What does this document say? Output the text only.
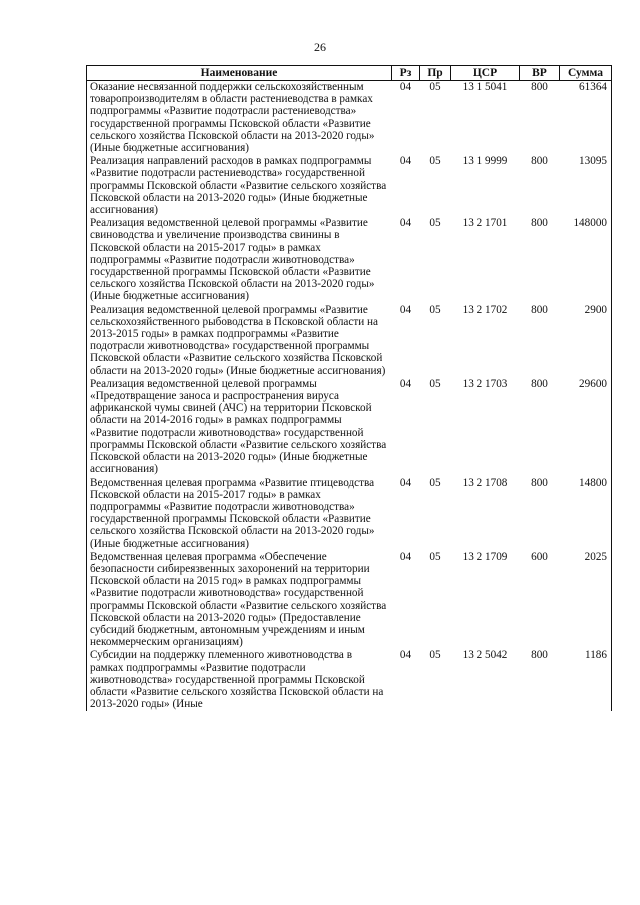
26
Наименование	Рз	Пр	ЦСР	ВР	Сумма
Оказание несвязанной поддержки сельскохозяйственным товаропроизводителям в области растениеводства в рамках подпрограммы «Развитие подотрасли растениеводства» государственной программы Псковской области «Развитие сельского хозяйства Псковской области на 2013-2020 годы» (Иные бюджетные ассигнования)	04	05	13 1 5041	800	61364
Реализация направлений расходов в рамках подпрограммы «Развитие подотрасли растениеводства» государственной программы Псковской области «Развитие сельского хозяйства Псковской области на 2013-2020 годы» (Иные бюджетные ассигнования)	04	05	13 1 9999	800	13095
Реализация ведомственной целевой программы «Развитие свиноводства и увеличение производства свинины в Псковской области на 2015-2017 годы» в рамках подпрограммы «Развитие подотрасли животноводства» государственной программы Псковской области «Развитие сельского хозяйства Псковской области на 2013-2020 годы» (Иные бюджетные ассигнования)	04	05	13 2 1701	800	148000
Реализация ведомственной целевой программы «Развитие сельскохозяйственного рыбоводства в Псковской области на 2013-2015 годы» в рамках подпрограммы «Развитие подотрасли животноводства» государственной программы Псковской области «Развитие сельского хозяйства Псковской области на 2013-2020 годы» (Иные бюджетные ассигнования)	04	05	13 2 1702	800	2900
Реализация ведомственной целевой программы «Предотвращение заноса и распространения вируса африканской чумы свиней (АЧС) на территории Псковской области на 2014-2016 годы» в рамках подпрограммы «Развитие подотрасли животноводства» государственной программы Псковской области «Развитие сельского хозяйства Псковской области на 2013-2020 годы» (Иные бюджетные ассигнования)	04	05	13 2 1703	800	29600
Ведомственная целевая программа «Развитие птицеводства Псковской области на 2015-2017 годы» в рамках подпрограммы «Развитие подотрасли животноводства» государственной программы Псковской области «Развитие сельского хозяйства Псковской области на 2013-2020 годы» (Иные бюджетные ассигнования)	04	05	13 2 1708	800	14800
Ведомственная целевая программа «Обеспечение безопасности сибиреязвенных захоронений на территории Псковской области на 2015 год» в рамках подпрограммы «Развитие подотрасли животноводства» государственной программы Псковской области «Развитие сельского хозяйства Псковской области на 2013-2020 годы» (Предоставление субсидий бюджетным, автономным учреждениям и иным некоммерческим организациям)	04	05	13 2 1709	600	2025
Субсидии на поддержку племенного животноводства в рамках подпрограммы «Развитие подотрасли животноводства» государственной программы Псковской области «Развитие сельского хозяйства Псковской области на 2013-2020 годы» (Иные	04	05	13 2 5042	800	1186
